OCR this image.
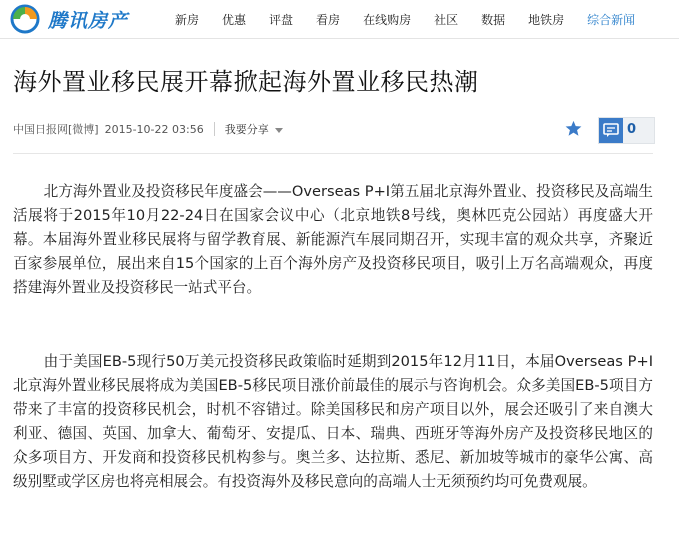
腾讯房产	新房 优惠 评盘 看房 在线购房 社区 数据 地铁房 综合新闻
海外置业移民展开幕掀起海外置业移民热潮
中国日报网[微博] 2015-10-22 03:56 我要分享	0

北方海外置业及投资移民年度盛会——Overseas P+I第五届北京海外置业、投资移民及高端生活展将于2015年10月22-24日在国家会议中心（北京地铁8号线，奥林匹克公园站）再度盛大开幕。本届海外置业移民展将与留学教育展、新能源汽车展同期召开，实现丰富的观众共享，齐聚近百家参展单位，展出来自15个国家的上百个海外房产及投资移民项目，吸引上万名高端观众，再度搭建海外置业及投资移民一站式平台。

由于美国EB-5现行50万美元投资移民政策临时延期到2015年12月11日，本届Overseas P+I北京海外置业移民展将成为美国EB-5移民项目涨价前最佳的展示与咨询机会。众多美国EB-5项目方带来了丰富的投资移民机会，时机不容错过。除美国移民和房产项目以外，展会还吸引了来自澳大利亚、德国、英国、加拿大、葡萄牙、安提瓜、日本、瑞典、西班牙等海外房产及投资移民地区的众多项目方、开发商和投资移民机构参与。奥兰多、达拉斯、悉尼、新加坡等城市的豪华公寓、高级别墅或学区房也将亮相展会。有投资海外及移民意向的高端人士无须预约均可免费观展。
